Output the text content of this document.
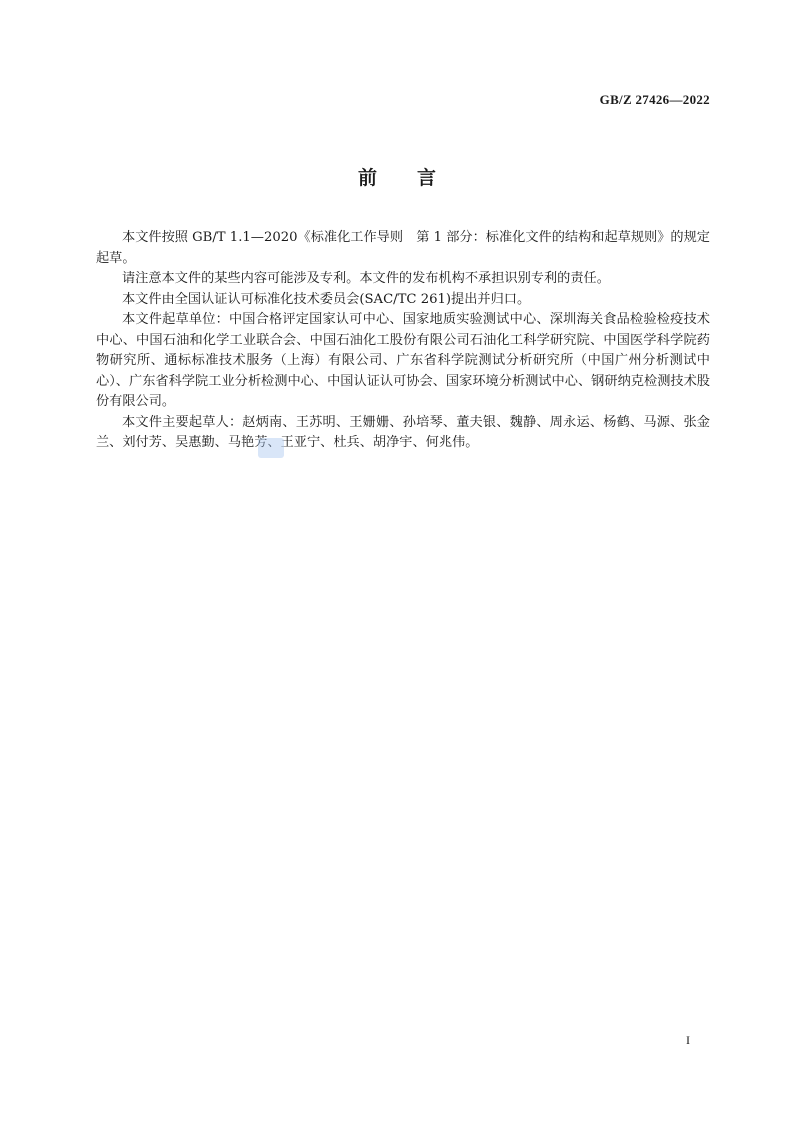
GB/Z 27426—2022
前言

本文件按照 GB/T 1.1—2020《标准化工作导则　第 1 部分：标准化文件的结构和起草规则》的规定起草。

请注意本文件的某些内容可能涉及专利。本文件的发布机构不承担识别专利的责任。

本文件由全国认证认可标准化技术委员会(SAC/TC 261)提出并归口。

本文件起草单位：中国合格评定国家认可中心、国家地质实验测试中心、深圳海关食品检验检疫技术中心、中国石油和化学工业联合会、中国石油化工股份有限公司石油化工科学研究院、中国医学科学院药物研究所、通标标准技术服务（上海）有限公司、广东省科学院测试分析研究所（中国广州分析测试中心）、广东省科学院工业分析检测中心、中国认证认可协会、国家环境分析测试中心、钢研纳克检测技术股份有限公司。

本文件主要起草人：赵炳南、王苏明、王姗姗、孙培琴、董夫银、魏静、周永运、杨鹤、马源、张金兰、刘付芳、吴惠勤、马艳芳、王亚宁、杜兵、胡净宇、何兆伟。

I
